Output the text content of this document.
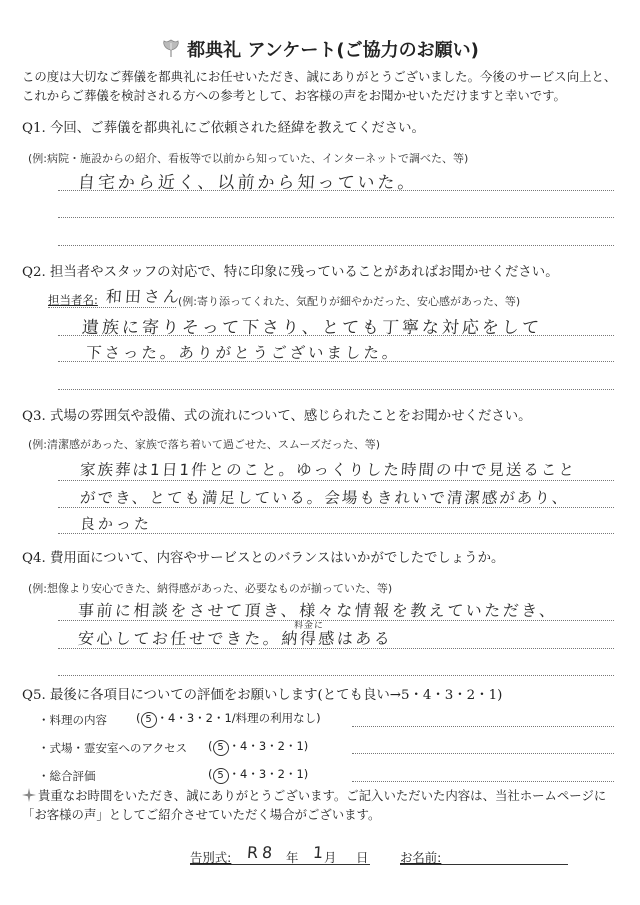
都典礼 アンケート(ご協力のお願い)
この度は大切なご葬儀を都典礼にお任せいただき、誠にありがとうございました。今後のサービス向上と、これからご葬儀を検討される方への参考として、お客様の声をお聞かせいただけますと幸いです。
Q1. 今回、ご葬儀を都典礼にご依頼された経緯を教えてください。
(例:病院・施設からの紹介、看板等で以前から知っていた、インターネットで調べた、等)
自宅から近く、以前から知っていた。
Q2. 担当者やスタッフの対応で、特に印象に残っていることがあればお聞かせください。
担当者名: 和田さん
(例:寄り添ってくれた、気配りが細やかだった、安心感があった、等)
遺族に寄りそって下さり、とても丁寧な対応をして
下さった。ありがとうございました。
Q3. 式場の雰囲気や設備、式の流れについて、感じられたことをお聞かせください。
(例:清潔感があった、家族で落ち着いて過ごせた、スムーズだった、等)
家族葬は1日1件とのこと。ゆっくりした時間の中で見送ること
ができ、とても満足している。会場もきれいで清潔感があり、
良かった
Q4. 費用面について、内容やサービスとのバランスはいかがでしたでしょうか。
(例:想像より安心できた、納得感があった、必要なものが揃っていた、等)
事前に相談をさせて頂き、様々な情報を教えていただき、
料金に
安心してお任せできた。納得感はある
Q5. 最後に各項目についての評価をお願いします(とても良い→5・4・3・2・1)
・料理の内容	( 5 ・4・3・2・1/料理の利用なし)
・式場・霊安室へのアクセス ( 5 ・4・3・2・1)
・総合評価	( 5 ・4・3・2・1)
貴重なお時間をいただき、誠にありがとうございます。ご記入いただいた内容は、当社ホームページに「お客様の声」としてご紹介させていただく場合がございます。
告別式: R 8 年 1
月 日	お名前:
